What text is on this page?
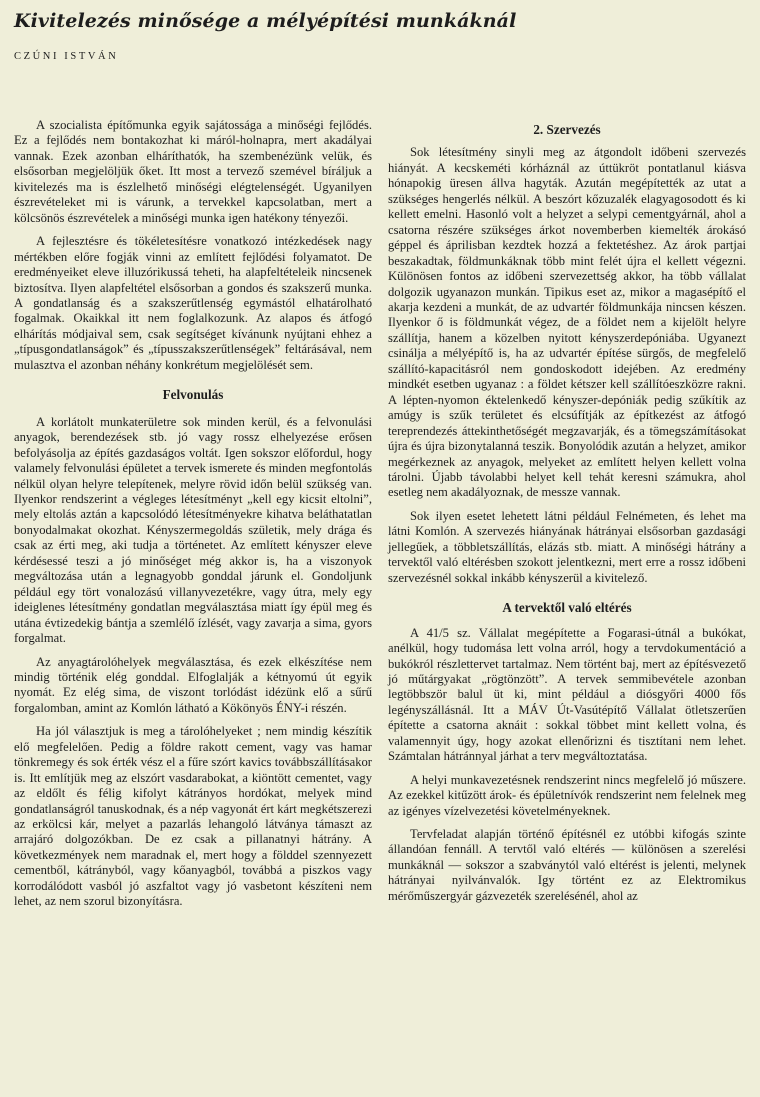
Kivitelezés minősége a mélyépítési munkáknál
CZÚNI ISTVÁN

A szocialista építőmunka egyik sajátossága a minőségi fejlődés. Ez a fejlődés nem bontakozhat ki máról-holnapra, mert akadályai vannak. Ezek azonban elháríthatók, ha szembenézünk velük, és elsősorban megjelöljük őket. Itt most a tervező szemével bíráljuk a kivitelezés ma is észlelhető minőségi elégtelenségét. Ugyanilyen észrevételeket mi is várunk, a tervekkel kapcsolatban, mert a kölcsönös észrevételek a minőségi munka igen hatékony tényezői.

A fejlesztésre és tökéletesítésre vonatkozó intézkedések nagy mértékben előre fogják vinni az említett fejlődési folyamatot. De eredményeiket eleve illuzórikussá teheti, ha alapfeltételeik nincsenek biztosítva. Ilyen alapfeltétel elsősorban a gondos és szakszerű munka. A gondatlanság és a szakszerűtlenség egymástól elhatárolható fogalmak. Okaikkal itt nem foglalkozunk. Az alapos és átfogó elhárítás módjaival sem, csak segítséget kívánunk nyújtani ehhez a „típusgondatlanságok” és „típusszakszerűtlenségek” feltárásával, nem mulasztva el azonban néhány konkrétum megjelölését sem.

Felvonulás

A korlátolt munkaterületre sok minden kerül, és a felvonulási anyagok, berendezések stb. jó vagy rossz elhelyezése erősen befolyásolja az építés gazdaságos voltát. Igen sokszor előfordul, hogy valamely felvonulási épületet a tervek ismerete és minden megfontolás nélkül olyan helyre telepítenek, melyre rövid időn belül szükség van. Ilyenkor rendszerint a végleges létesítményt „kell egy kicsit eltolni”, mely eltolás aztán a kapcsolódó létesítményekre kihatva beláthatatlan bonyodalmakat okozhat. Kényszermegoldás születik, mely drága és csak az érti meg, aki tudja a történetet. Az említett kényszer eleve kérdésessé teszi a jó minőséget még akkor is, ha a viszonyok megváltozása után a legnagyobb gonddal járunk el. Gondoljunk például egy tört vonalozású villanyvezetékre, vagy útra, mely egy ideiglenes létesítmény gondatlan megválasztása miatt így épül meg és utána évtizedekig bántja a szemlélő ízlését, vagy zavarja a sima, gyors forgalmat.

Az anyagtárolóhelyek megválasztása, és ezek elkészítése nem mindig történik elég gonddal. Elfoglalják a kétnyomú út egyik nyomát. Ez elég sima, de viszont torlódást idézünk elő a sűrű forgalomban, amint az Komlón látható a Kökönyös ÉNY-i részén.

Ha jól választjuk is meg a tárolóhelyeket ; nem mindig készítik elő megfelelően. Pedig a földre rakott cement, vagy vas hamar tönkremegy és sok érték vész el a fűre szórt kavics továbbszállításakor is. Itt említjük meg az elszórt vasdarabokat, a kiöntött cementet, vagy az eldőlt és félig kifolyt kátrányos hordókat, melyek mind gondatlanságról tanuskodnak, és a nép vagyonát ért kárt megkétszerezi az erkölcsi kár, melyet a pazarlás lehangoló látványa támaszt az arrajáró dolgozókban. De ez csak a pillanatnyi hátrány. A következmények nem maradnak el, mert hogy a földdel szennyezett cementből, kátrányból, vagy kőanyagból, továbbá a piszkos vagy korrodálódott vasból jó aszfaltot vagy jó vasbetont készíteni nem lehet, az nem szorul bizonyításra.

2. Szervezés

Sok létesítmény sinyli meg az átgondolt időbeni szervezés hiányát. A kecskeméti kórháznál az úttükröt pontatlanul kiásva hónapokig üresen állva hagyták. Azután megépítették az utat a szükséges hengerlés nélkül. A beszórt kőzuzalék elagyagosodott és ki kellett emelni. Hasonló volt a helyzet a selypi cementgyárnál, ahol a csatorna részére szükséges árkot novemberben kiemelték árokásó géppel és áprilisban kezdtek hozzá a fektetéshez. Az árok partjai beszakadtak, földmunkáknak több mint felét újra el kellett végezni. Különösen fontos az időbeni szervezettség akkor, ha több vállalat dolgozik ugyanazon munkán. Tipikus eset az, mikor a magasépítő el akarja kezdeni a munkát, de az udvartér földmunkája nincsen készen. Ilyenkor ő is földmunkát végez, de a földet nem a kijelölt helyre szállítja, hanem a közelben nyitott kényszerdepóniába. Ugyanezt csinálja a mélyépítő is, ha az udvartér építése sürgős, de megfelelő szállító-kapacitásról nem gondoskodott idejében. Az eredmény mindkét esetben ugyanaz : a földet kétszer kell szállítóeszközre rakni. A lépten-nyomon éktelenkedő kényszer-depóniák pedig szűkítik az amúgy is szűk területet és elcsúfítják az építkezést az átfogó tereprendezés áttekinthetőségét megzavarják, és a tömegszámításokat újra és újra bizonytalanná teszik. Bonyolódik azután a helyzet, amikor megérkeznek az anyagok, melyeket az említett helyen kellett volna tárolni. Újabb távolabbi helyet kell tehát keresni számukra, ahol esetleg nem akadályoznak, de messze vannak.

Sok ilyen esetet lehetett látni például Felnémeten, és lehet ma látni Komlón. A szervezés hiányának hátrányai elsősorban gazdasági jellegűek, a többletszállítás, elázás stb. miatt. A minőségi hátrány a tervektől való eltérésben szokott jelentkezni, mert erre a rossz időbeni szervezésnél sokkal inkább kényszerül a kivitelező.

A tervektől való eltérés

A 41/5 sz. Vállalat megépítette a Fogarasi-útnál a bukókat, anélkül, hogy tudomása lett volna arról, hogy a tervdokumentáció a bukókról részlettervet tartalmaz. Nem történt baj, mert az építésvezető jó műtárgyakat „rögtönzött”. A tervek semmibevétele azonban legtöbbször balul üt ki, mint például a diósgyőri 4000 fős legényszállásnál. Itt a MÁV Út-Vasútépítő Vállalat ötletszerűen építette a csatorna aknáit : sokkal többet mint kellett volna, és valamennyit úgy, hogy azokat ellenőrizni és tisztítani nem lehet. Számtalan hátránnyal járhat a terv megváltoztatása.

A helyi munkavezetésnek rendszerint nincs megfelelő jó műszere. Az ezekkel kitűzött árok- és épületnívók rendszerint nem felelnek meg az igényes vízelvezetési követelményeknek.

Tervfeladat alapján történő építésnél ez utóbbi kifogás szinte állandóan fennáll. A tervtől való eltérés — különösen a szerelési munkáknál — sokszor a szabványtól való eltérést is jelenti, melynek hátrányai nyilvánvalók. Igy történt ez az Elektromikus mérőműszergyár gázvezeték szerelésénél, ahol az
